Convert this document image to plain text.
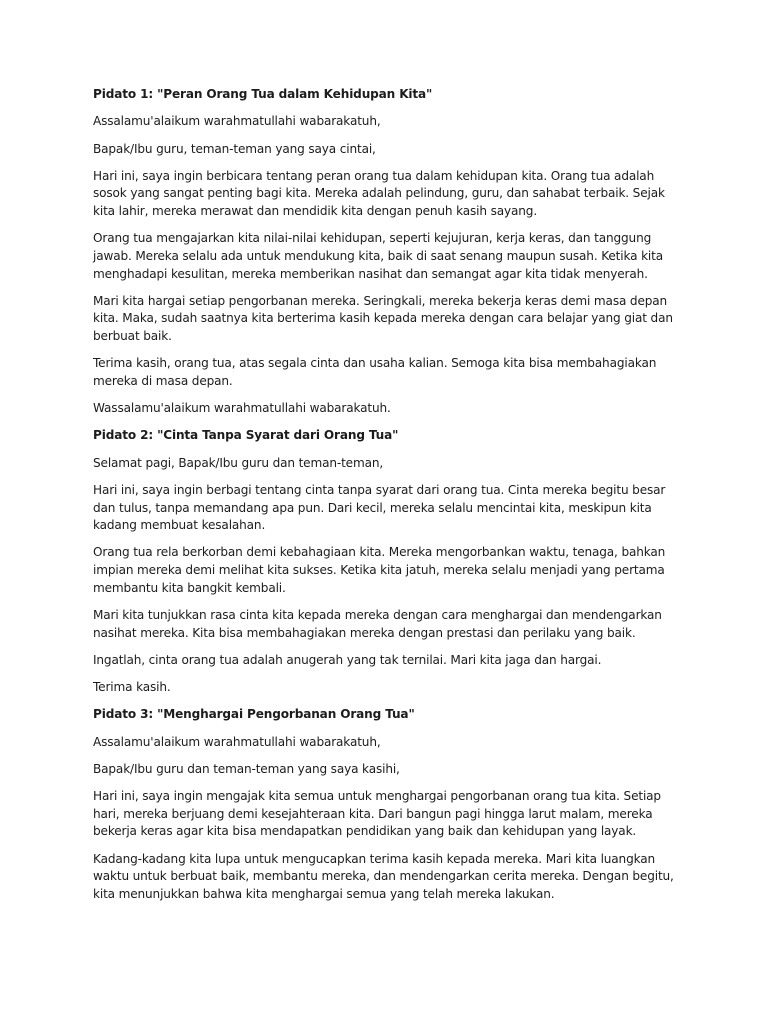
Pidato 1: "Peran Orang Tua dalam Kehidupan Kita"

Assalamu'alaikum warahmatullahi wabarakatuh,

Bapak/Ibu guru, teman-teman yang saya cintai,

Hari ini, saya ingin berbicara tentang peran orang tua dalam kehidupan kita. Orang tua adalah sosok yang sangat penting bagi kita. Mereka adalah pelindung, guru, dan sahabat terbaik. Sejak kita lahir, mereka merawat dan mendidik kita dengan penuh kasih sayang.

Orang tua mengajarkan kita nilai-nilai kehidupan, seperti kejujuran, kerja keras, dan tanggung jawab. Mereka selalu ada untuk mendukung kita, baik di saat senang maupun susah. Ketika kita menghadapi kesulitan, mereka memberikan nasihat dan semangat agar kita tidak menyerah.

Mari kita hargai setiap pengorbanan mereka. Seringkali, mereka bekerja keras demi masa depan kita. Maka, sudah saatnya kita berterima kasih kepada mereka dengan cara belajar yang giat dan berbuat baik.

Terima kasih, orang tua, atas segala cinta dan usaha kalian. Semoga kita bisa membahagiakan mereka di masa depan.

Wassalamu'alaikum warahmatullahi wabarakatuh.

Pidato 2: "Cinta Tanpa Syarat dari Orang Tua"

Selamat pagi, Bapak/Ibu guru dan teman-teman,

Hari ini, saya ingin berbagi tentang cinta tanpa syarat dari orang tua. Cinta mereka begitu besar dan tulus, tanpa memandang apa pun. Dari kecil, mereka selalu mencintai kita, meskipun kita kadang membuat kesalahan.

Orang tua rela berkorban demi kebahagiaan kita. Mereka mengorbankan waktu, tenaga, bahkan impian mereka demi melihat kita sukses. Ketika kita jatuh, mereka selalu menjadi yang pertama membantu kita bangkit kembali.

Mari kita tunjukkan rasa cinta kita kepada mereka dengan cara menghargai dan mendengarkan nasihat mereka. Kita bisa membahagiakan mereka dengan prestasi dan perilaku yang baik.

Ingatlah, cinta orang tua adalah anugerah yang tak ternilai. Mari kita jaga dan hargai.

Terima kasih.

Pidato 3: "Menghargai Pengorbanan Orang Tua"

Assalamu'alaikum warahmatullahi wabarakatuh,

Bapak/Ibu guru dan teman-teman yang saya kasihi,

Hari ini, saya ingin mengajak kita semua untuk menghargai pengorbanan orang tua kita. Setiap hari, mereka berjuang demi kesejahteraan kita. Dari bangun pagi hingga larut malam, mereka bekerja keras agar kita bisa mendapatkan pendidikan yang baik dan kehidupan yang layak.

Kadang-kadang kita lupa untuk mengucapkan terima kasih kepada mereka. Mari kita luangkan waktu untuk berbuat baik, membantu mereka, dan mendengarkan cerita mereka. Dengan begitu, kita menunjukkan bahwa kita menghargai semua yang telah mereka lakukan.
